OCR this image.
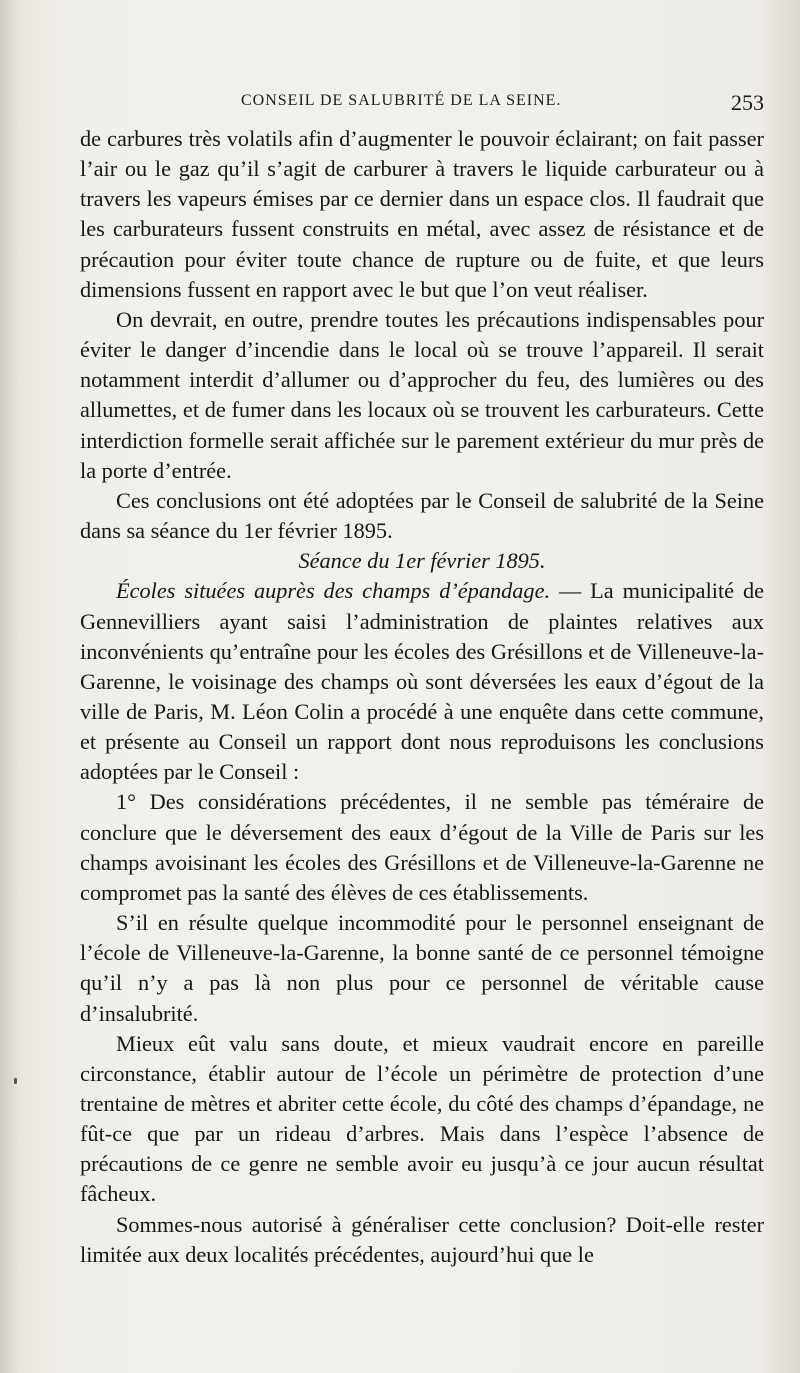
CONSEIL DE SALUBRITÉ DE LA SEINE.	253

de carbures très volatils afin d’augmenter le pouvoir éclairant; on fait passer l’air ou le gaz qu’il s’agit de carburer à travers le liquide carburateur ou à travers les vapeurs émises par ce dernier dans un espace clos. Il faudrait que les carburateurs fussent construits en métal, avec assez de résistance et de précaution pour éviter toute chance de rupture ou de fuite, et que leurs dimensions fussent en rapport avec le but que l’on veut réaliser.

On devrait, en outre, prendre toutes les précautions indispensables pour éviter le danger d’incendie dans le local où se trouve l’appareil. Il serait notamment interdit d’allumer ou d’approcher du feu, des lumières ou des allumettes, et de fumer dans les locaux où se trouvent les carburateurs. Cette interdiction formelle serait affichée sur le parement extérieur du mur près de la porte d’entrée.

Ces conclusions ont été adoptées par le Conseil de salubrité de la Seine dans sa séance du 1er février 1895.

Séance du 1er février 1895.

Écoles situées auprès des champs d’épandage. — La municipalité de Gennevilliers ayant saisi l’administration de plaintes relatives aux inconvénients qu’entraîne pour les écoles des Grésillons et de Villeneuve-la-Garenne, le voisinage des champs où sont déversées les eaux d’égout de la ville de Paris, M. Léon Colin a procédé à une enquête dans cette commune, et présente au Conseil un rapport dont nous reproduisons les conclusions adoptées par le Conseil :

1° Des considérations précédentes, il ne semble pas téméraire de conclure que le déversement des eaux d’égout de la Ville de Paris sur les champs avoisinant les écoles des Grésillons et de Villeneuve-la-Garenne ne compromet pas la santé des élèves de ces établissements.

S’il en résulte quelque incommodité pour le personnel enseignant de l’école de Villeneuve-la-Garenne, la bonne santé de ce personnel témoigne qu’il n’y a pas là non plus pour ce personnel de véritable cause d’insalubrité.

Mieux eût valu sans doute, et mieux vaudrait encore en pareille circonstance, établir autour de l’école un périmètre de protection d’une trentaine de mètres et abriter cette école, du côté des champs d’épandage, ne fût-ce que par un rideau d’arbres. Mais dans l’espèce l’absence de précautions de ce genre ne semble avoir eu jusqu’à ce jour aucun résultat fâcheux.

Sommes-nous autorisé à généraliser cette conclusion? Doit-elle rester limitée aux deux localités précédentes, aujourd’hui que le
